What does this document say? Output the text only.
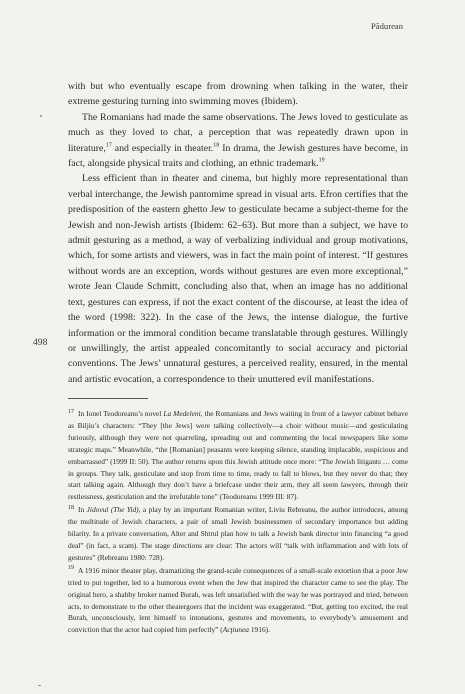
Pădurean
498

with but who eventually escape from drowning when talking in the water, their extreme gesturing turning into swimming moves (Ibidem).

The Romanians had made the same observations. The Jews loved to gesticulate as much as they loved to chat, a perception that was repeatedly drawn upon in literature,$^{17}$ and especially in theater.$^{18}$ In drama, the Jewish gestures have become, in fact, alongside physical traits and clothing, an ethnic trademark.$^{19}$

Less efficient than in theater and cinema, but highly more representational than verbal interchange, the Jewish pantomime spread in visual arts. Efron certifies that the predisposition of the eastern ghetto Jew to gesticulate became a subject-theme for the Jewish and non-Jewish artists (Ibidem: 62–63). But more than a subject, we have to admit gesturing as a method, a way of verbalizing individual and group motivations, which, for some artists and viewers, was in fact the main point of interest. “If gestures without words are an exception, words without gestures are even more exceptional,” wrote Jean Claude Schmitt, concluding also that, when an image has no additional text, gestures can express, if not the exact content of the discourse, at least the idea of the word (1998: 322). In the case of the Jews, the intense dialogue, the furtive information or the immoral condition became translatable through gestures. Willingly or unwillingly, the artist appealed concomitantly to social accuracy and pictorial conventions. The Jews’ unnatural gestures, a perceived reality, ensured, in the mental and artistic evocation, a correspondence to their unuttered evil manifestations.

$^{17}$ In Ionel Teodoreanu’s novel La Medeleni, the Romanians and Jews waiting in front of a lawyer cabinet behave as Biljiu’s characters: “They [the Jews] were talking collectively—a choir without music—and gesticulating furiously, although they were not quarreling, spreading out and commenting the local newspapers like some strategic maps.” Meanwhile, “the [Romanian] peasants were keeping silence, standing implacable, suspicious and embarrassed” (1999 II: 50). The author returns upon this Jewish attitude once more: “The Jewish litigants … come in groups. They talk, gesticulate and stop from time to time, ready to fall to blows, but they never do that; they start talking again. Although they don’t have a briefcase under their arm, they all seem lawyers, through their restlessness, gesticulation and the irrefutable tone” (Teodoreanu 1999 III: 87).

$^{18}$ In Jidovul (The Yid), a play by an important Romanian writer, Liviu Rebreanu, the author introduces, among the multitude of Jewish characters, a pair of small Jewish businessmen of secondary importance but adding hilarity. In a private conversation, Alter and Shtrul plan how to talk a Jewish bank director into financing “a good deal” (in fact, a scam). The stage directions are clear: The actors will “talk with inflammation and with lots of gestures” (Rebreanu 1980: 728).

$^{19}$ A 1916 minor theater play, dramatizing the grand-scale consequences of a small-scale extortion that a poor Jew tried to put together, led to a humorous event when the Jew that inspired the character came to see the play. The original hero, a shabby broker named Burah, was left unsatisfied with the way he was portrayed and tried, between acts, to demonstrate to the other theatergoers that the incident was exaggerated. “But, getting too excited, the real Burah, unconsciously, lent himself to intonations, gestures and movements, to everybody’s amusement and conviction that the actor had copied him perfectly” (Acţiunea 1916).
